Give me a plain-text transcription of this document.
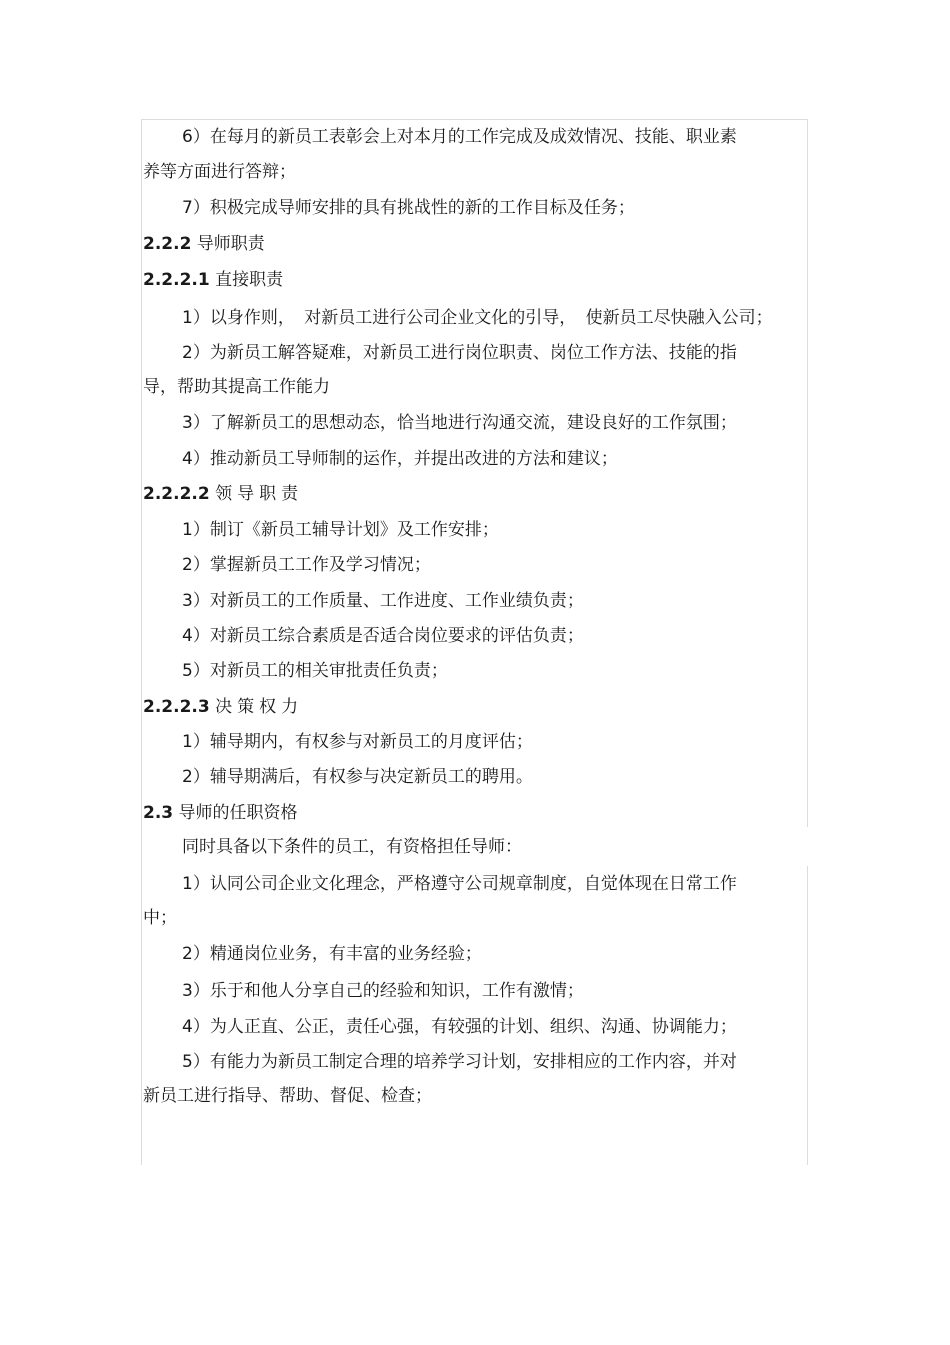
6）在每月的新员工表彰会上对本月的工作完成及成效情况、技能、职业素
养等方面进行答辩；
7）积极完成导师安排的具有挑战性的新的工作目标及任务；
2.2.2 导师职责
2.2.2.1 直接职责
1）以身作则， 对新员工进行公司企业文化的引导， 使新员工尽快融入公司；
2）为新员工解答疑难，对新员工进行岗位职责、岗位工作方法、技能的指
导，帮助其提高工作能力
3）了解新员工的思想动态，恰当地进行沟通交流，建设良好的工作氛围；
4）推动新员工导师制的运作，并提出改进的方法和建议；
2.2.2.2 领导职责
1）制订《新员工辅导计划》及工作安排；
2）掌握新员工工作及学习情况；
3）对新员工的工作质量、工作进度、工作业绩负责；
4）对新员工综合素质是否适合岗位要求的评估负责；
5）对新员工的相关审批责任负责；
2.2.2.3 决策权力
1）辅导期内，有权参与对新员工的月度评估；
2）辅导期满后，有权参与决定新员工的聘用。
2.3 导师的任职资格
同时具备以下条件的员工，有资格担任导师：
1）认同公司企业文化理念，严格遵守公司规章制度，自觉体现在日常工作
中；
2）精通岗位业务，有丰富的业务经验；
3）乐于和他人分享自己的经验和知识，工作有激情；
4）为人正直、公正，责任心强，有较强的计划、组织、沟通、协调能力；
5）有能力为新员工制定合理的培养学习计划，安排相应的工作内容，并对
新员工进行指导、帮助、督促、检查；
